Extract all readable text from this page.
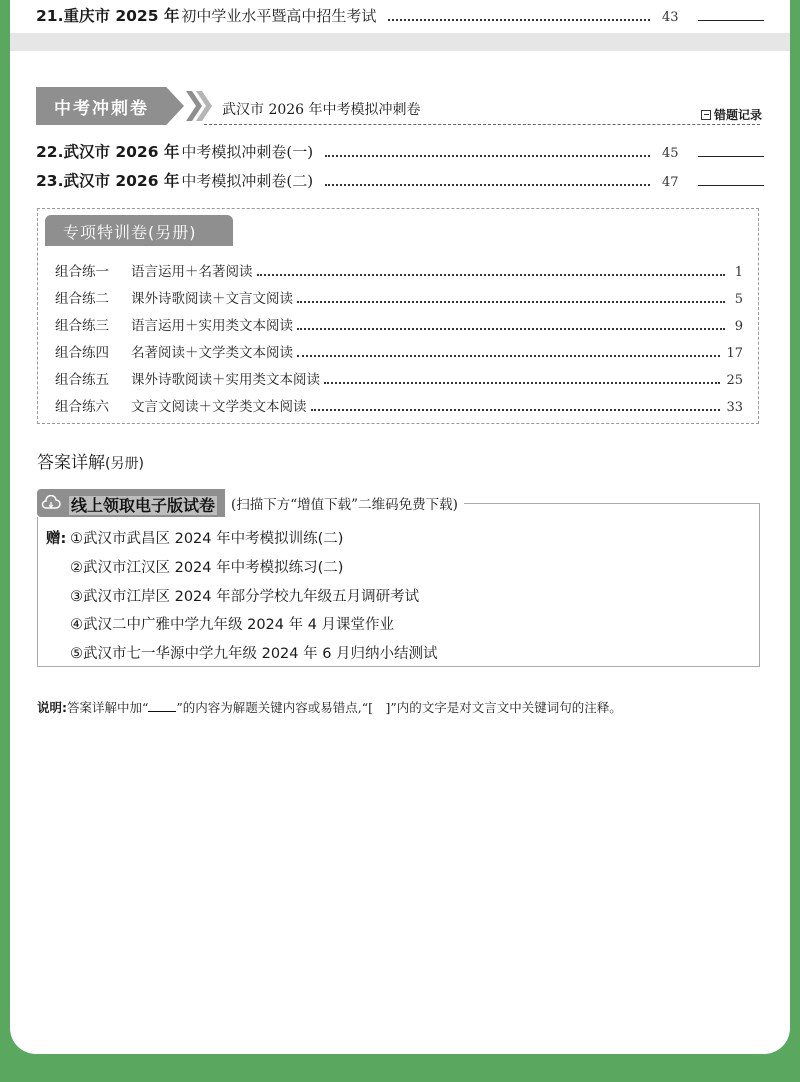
21. 重庆市 2025 年 初中学业水平暨高中招生考试	43
中考冲刺卷	武汉市 2026 年中考模拟冲刺卷	错题记录
22. 武汉市 2026 年 中考模拟冲刺卷(一)	45
23. 武汉市 2026 年 中考模拟冲刺卷(二)	47
专项特训卷(另册)
组合练一	语言运用＋名著阅读	1
组合练二	课外诗歌阅读＋文言文阅读	5
组合练三	语言运用＋实用类文本阅读	9
组合练四	名著阅读＋文学类文本阅读	17
组合练五	课外诗歌阅读＋实用类文本阅读	25
组合练六	文言文阅读＋文学类文本阅读	33
答案详解(另册)
线上领取电子版试卷	(扫描下方“增值下载”二维码免费下载)
赠: ①武汉市武昌区 2024 年中考模拟训练(二)
②武汉市江汉区 2024 年中考模拟练习(二)
③武汉市江岸区 2024 年部分学校九年级五月调研考试
④武汉二中广雅中学九年级 2024 年 4 月课堂作业
⑤武汉市七一华源中学九年级 2024 年 6 月归纳小结测试
说明:答案详解中加“ ”的内容为解题关键内容或易错点,“[　]”内的文字是对文言文中关键词句的注释。
